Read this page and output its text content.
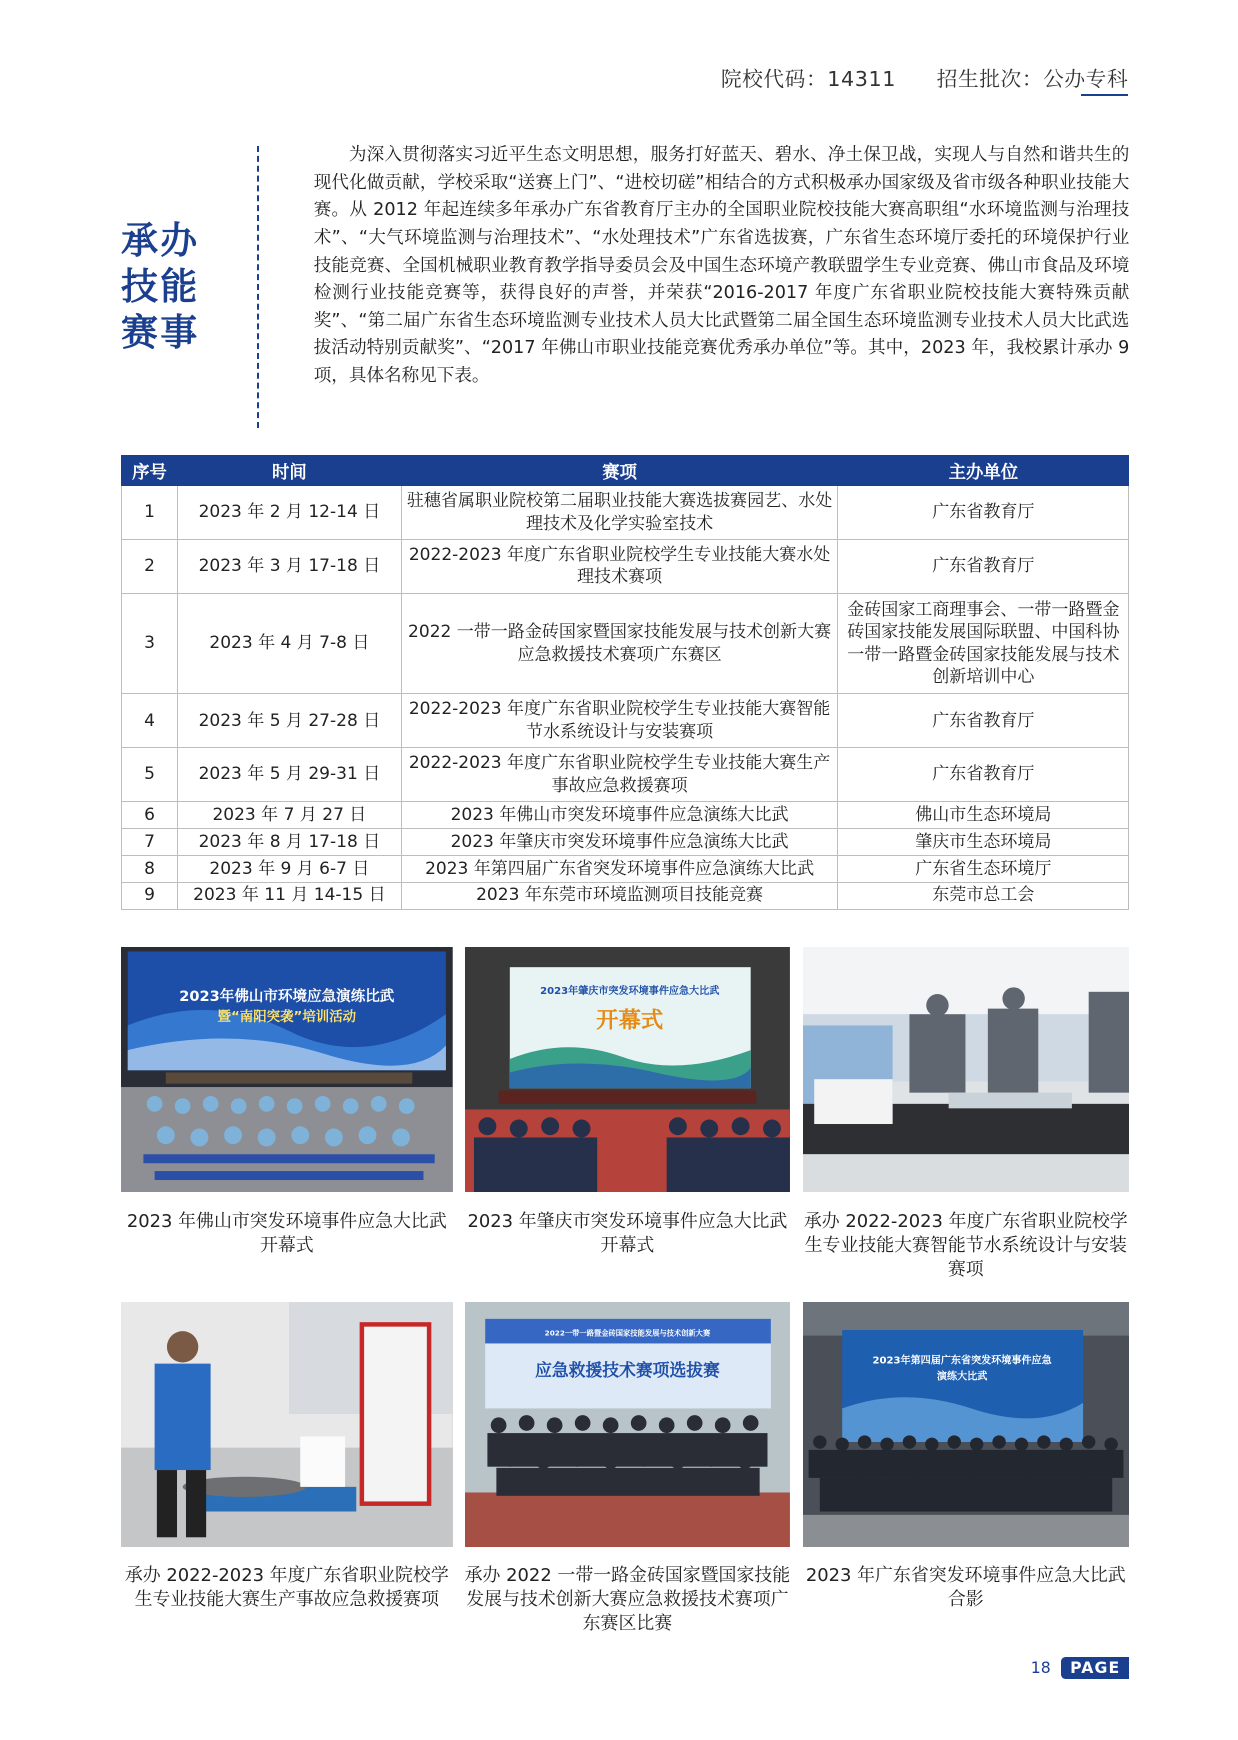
院校代码：14311 招生批次：公办专科
承办
技能
赛事
为深入贯彻落实习近平生态文明思想，服务打好蓝天、碧水、净土保卫战，实现人与自然和谐共生的现代化做贡献，学校采取“送赛上门”、“进校切磋”相结合的方式积极承办国家级及省市级各种职业技能大赛。从 2012 年起连续多年承办广东省教育厅主办的全国职业院校技能大赛高职组“水环境监测与治理技术”、“大气环境监测与治理技术”、“水处理技术”广东省选拔赛，广东省生态环境厅委托的环境保护行业技能竞赛、全国机械职业教育教学指导委员会及中国生态环境产教联盟学生专业竞赛、佛山市食品及环境检测行业技能竞赛等，获得良好的声誉，并荣获“2016-2017 年度广东省职业院校技能大赛特殊贡献奖”、“第二届广东省生态环境监测专业技术人员大比武暨第二届全国生态环境监测专业技术人员大比武选拔活动特别贡献奖”、“2017 年佛山市职业技能竞赛优秀承办单位”等。其中，2023 年，我校累计承办 9 项，具体名称见下表。
序号	时间	赛项	主办单位
1	2023 年 2 月 12-14 日	驻穗省属职业院校第二届职业技能大赛选拔赛园艺、水处理技术及化学实验室技术	广东省教育厅
2	2023 年 3 月 17-18 日	2022-2023 年度广东省职业院校学生专业技能大赛水处理技术赛项	广东省教育厅
3	2023 年 4 月 7-8 日	2022 一带一路金砖国家暨国家技能发展与技术创新大赛应急救援技术赛项广东赛区	金砖国家工商理事会、一带一路暨金砖国家技能发展国际联盟、中国科协一带一路暨金砖国家技能发展与技术创新培训中心
4	2023 年 5 月 27-28 日	2022-2023 年度广东省职业院校学生专业技能大赛智能节水系统设计与安装赛项	广东省教育厅
5	2023 年 5 月 29-31 日	2022-2023 年度广东省职业院校学生专业技能大赛生产事故应急救援赛项	广东省教育厅
6	2023 年 7 月 27 日	2023 年佛山市突发环境事件应急演练大比武	佛山市生态环境局
7	2023 年 8 月 17-18 日	2023 年肇庆市突发环境事件应急演练大比武	肇庆市生态环境局
8	2023 年 9 月 6-7 日	2023 年第四届广东省突发环境事件应急演练大比武	广东省生态环境厅
9	2023 年 11 月 14-15 日	2023 年东莞市环境监测项目技能竞赛	东莞市总工会
2023年佛山市环境应急演练比武
暨“南阳突袭”培训活动
2023年肇庆市突发环境事件应急大比武
开幕式
2023 年佛山市突发环境事件应急大比武开幕式
2023 年肇庆市突发环境事件应急大比武开幕式
承办 2022-2023 年度广东省职业院校学生专业技能大赛智能节水系统设计与安装赛项
2022一带一路暨金砖国家技能发展与技术创新大赛
应急救援技术赛项选拔赛	2023年第四届广东省突发环境事件应急
演练大比武
承办 2022-2023 年度广东省职业院校学生专业技能大赛生产事故应急救援赛项
承办 2022 一带一路金砖国家暨国家技能发展与技术创新大赛应急救援技术赛项广东赛区比赛
2023 年广东省突发环境事件应急大比武合影
18	PAGE
